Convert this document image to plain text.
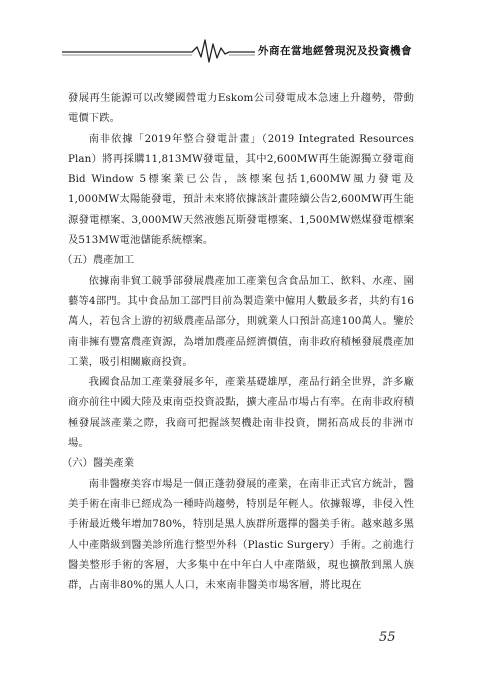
外商在當地經營現況及投資機會

發展再生能源可以改變國營電力Eskom公司發電成本急速上升趨勢，帶動電價下跌。

南非依據「2019年整合發電計畫」（2019 Integrated Resources Plan）將再採購11,813MW發電量，其中2,600MW再生能源獨立發電商Bid Window 5標案業已公告，該標案包括1,600MW風力發電及1,000MW太陽能發電，預計未來將依據該計畫陸續公告2,600MW再生能源發電標案、3,000MW天然液態瓦斯發電標案、1,500MW燃煤發電標案及513MW電池儲能系統標案。

（五）農產加工

依據南非貿工競爭部發展農產加工產業包含食品加工、飲料、水產、園藝等4部門。其中食品加工部門目前為製造業中僱用人數最多者，共約有16萬人，若包含上游的初級農產品部分，則就業人口預計高達100萬人。鑒於南非擁有豐富農產資源，為增加農產品經濟價值，南非政府積極發展農產加工業，吸引相關廠商投資。

我國食品加工產業發展多年，產業基礎雄厚，產品行銷全世界，許多廠商亦前往中國大陸及東南亞投資設點，擴大產品市場占有率。在南非政府積極發展該產業之際，我商可把握該契機赴南非投資，開拓高成長的非洲市場。

（六）醫美產業

南非醫療美容市場是一個正蓬勃發展的產業，在南非正式官方統計，醫美手術在南非已經成為一種時尚趨勢，特別是年輕人。依據報導，非侵入性手術最近幾年增加780%，特別是黑人族群所選擇的醫美手術。越來越多黑人中產階級到醫美診所進行整型外科（Plastic Surgery）手術。之前進行醫美整形手術的客層，大多集中在中年白人中產階級，現也擴散到黑人族群，占南非80%的黑人人口，未來南非醫美市場客層，將比現在

55
